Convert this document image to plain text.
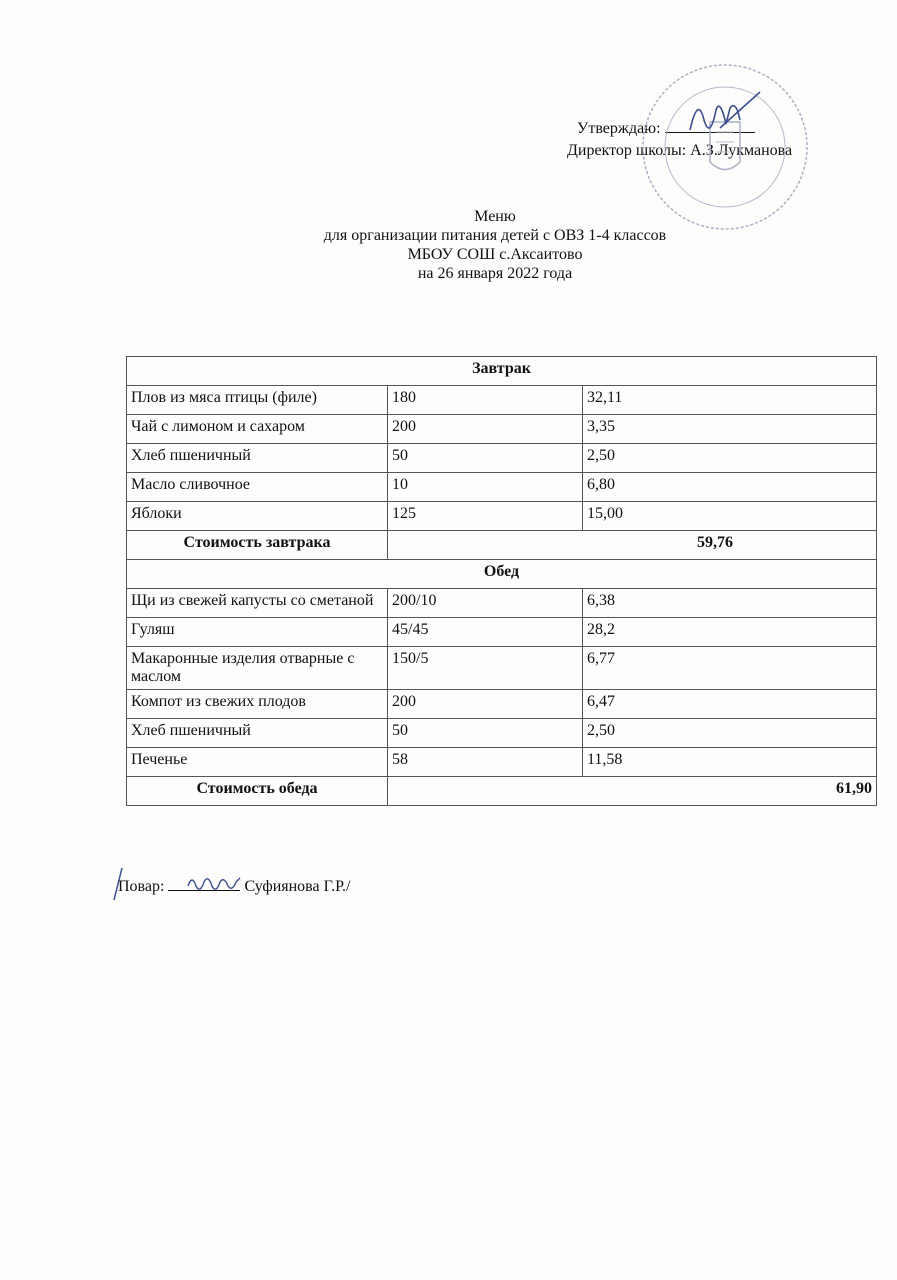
Утверждаю:
Директор школы: А.З.Лукманова
Меню
для организации питания детей с ОВЗ 1-4 классов
МБОУ СОШ с.Аксаитово
на 26 января 2022 года
Завтрак		
Плов из мяса птицы (филе)	180	32,11
Чай с лимоном и сахаром	200	3,35
Хлеб пшеничный	50	2,50
Масло сливочное	10	6,80
Яблоки	125	15,00
Стоимость завтрака	59,76	
Обед		
Щи из свежей капусты со сметаной	200/10	6,38
Гуляш	45/45	28,2
Макаронные изделия отварные с маслом	150/5	6,77
Компот из свежих плодов	200	6,47
Хлеб пшеничный	50	2,50
Печенье	58	11,58
Стоимость обеда	61,90	
Повар:	Суфиянова Г.Р./
